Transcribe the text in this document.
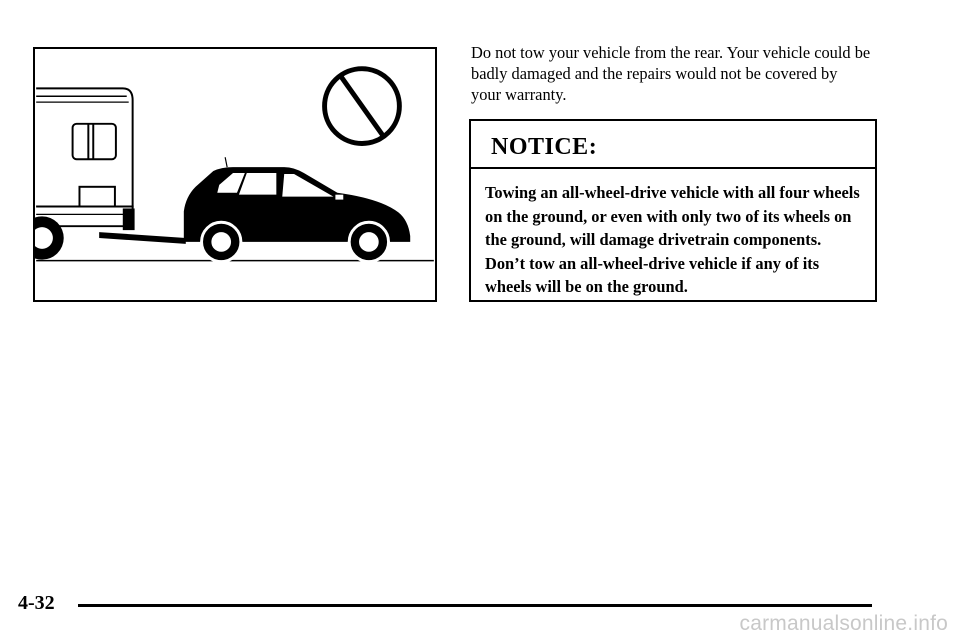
Do not tow your vehicle from the rear. Your vehicle could be badly damaged and the repairs would not be covered by your warranty.

NOTICE:

Towing an all-wheel-drive vehicle with all four wheels on the ground, or even with only two of its wheels on the ground, will damage drivetrain components. Don’t tow an all-wheel-drive vehicle if any of its wheels will be on the ground.

4-32
carmanualsonline.info
